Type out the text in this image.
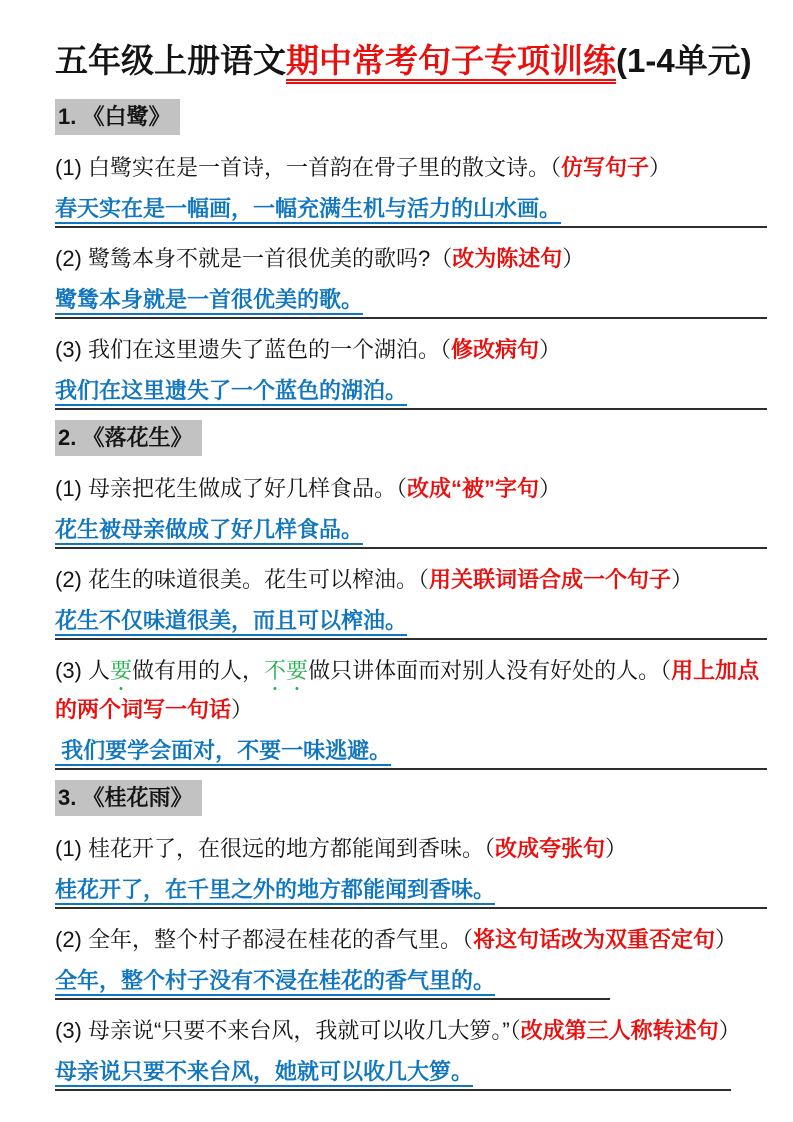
五年级上册语文期中常考句子专项训练(1-4单元)
1. 《白鹭》

(1) 白鹭实在是一首诗，一首韵在骨子里的散文诗。（仿写句子）

春天实在是一幅画，一幅充满生机与活力的山水画。

(2) 鹭鸶本身不就是一首很优美的歌吗?（改为陈述句）

鹭鸶本身就是一首很优美的歌。

(3) 我们在这里遗失了蓝色的一个湖泊。（修改病句）

我们在这里遗失了一个蓝色的湖泊。
2. 《落花生》

(1) 母亲把花生做成了好几样食品。（改成“被”字句）

花生被母亲做成了好几样食品。

(2) 花生的味道很美。花生可以榨油。（用关联词语合成一个句子）

花生不仅味道很美，而且可以榨油。

(3) 人要做有用的人，不要做只讲体面而对别人没有好处的人。（用上加点的两个词写一句话）

我们要学会面对，不要一味逃避。
3. 《桂花雨》

(1) 桂花开了，在很远的地方都能闻到香味。（改成夸张句）

桂花开了，在千里之外的地方都能闻到香味。

(2) 全年，整个村子都浸在桂花的香气里。（将这句话改为双重否定句）

全年，整个村子没有不浸在桂花的香气里的。

(3) 母亲说“只要不来台风，我就可以收几大箩。”（改成第三人称转述句）

母亲说只要不来台风，她就可以收几大箩。
